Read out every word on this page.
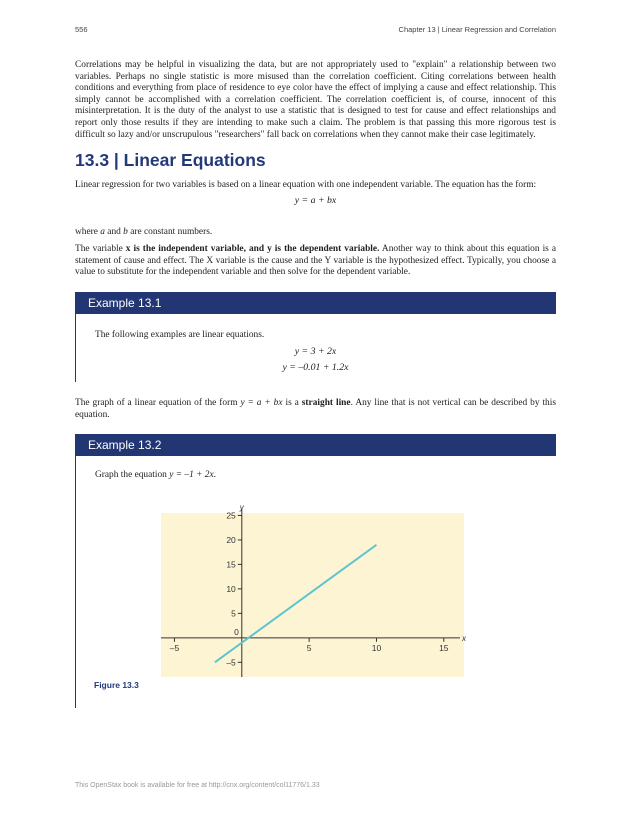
556	Chapter 13 | Linear Regression and Correlation

Correlations may be helpful in visualizing the data, but are not appropriately used to "explain" a relationship between two variables. Perhaps no single statistic is more misused than the correlation coefficient. Citing correlations between health conditions and everything from place of residence to eye color have the effect of implying a cause and effect relationship. This simply cannot be accomplished with a correlation coefficient. The correlation coefficient is, of course, innocent of this misinterpretation. It is the duty of the analyst to use a statistic that is designed to test for cause and effect relationships and report only those results if they are intending to make such a claim. The problem is that passing this more rigorous test is difficult so lazy and/or unscrupulous "researchers" fall back on correlations when they cannot make their case legitimately.

13.3 | Linear Equations

Linear regression for two variables is based on a linear equation with one independent variable. The equation has the form:

y = a + bx

where a and b are constant numbers.

The variable x is the independent variable, and y is the dependent variable. Another way to think about this equation is a statement of cause and effect. The X variable is the cause and the Y variable is the hypothesized effect. Typically, you choose a value to substitute for the independent variable and then solve for the dependent variable.

Example 13.1

The following examples are linear equations.

y = 3 + 2x

y = –0.01 + 1.2x

The graph of a linear equation of the form y = a + bx is a straight line. Any line that is not vertical can be described by this equation.

Example 13.2

Graph the equation y = –1 + 2x.

x
y
–5	5	10	15
–5
5
10
15
20
25
0
Figure 13.3
This OpenStax book is available for free at http://cnx.org/content/col11776/1.33
